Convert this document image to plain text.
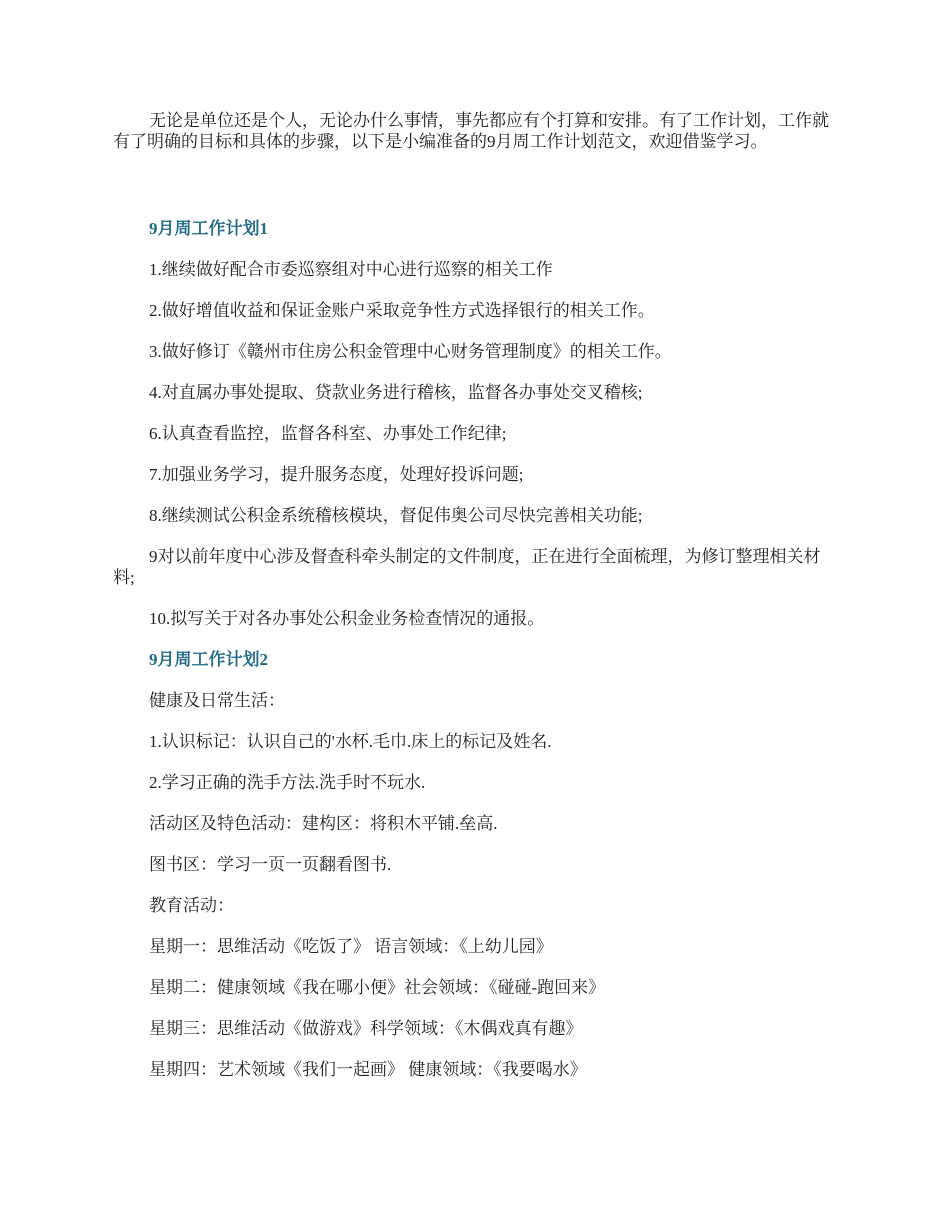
无论是单位还是个人，无论办什么事情，事先都应有个打算和安排。有了工作计划，工作就有了明确的目标和具体的步骤，以下是小编准备的9月周工作计划范文，欢迎借鉴学习。

9月周工作计划1

1.继续做好配合市委巡察组对中心进行巡察的相关工作

2.做好增值收益和保证金账户采取竞争性方式选择银行的相关工作。

3.做好修订《赣州市住房公积金管理中心财务管理制度》的相关工作。

4.对直属办事处提取、贷款业务进行稽核，监督各办事处交叉稽核;

6.认真查看监控，监督各科室、办事处工作纪律;

7.加强业务学习，提升服务态度，处理好投诉问题;

8.继续测试公积金系统稽核模块，督促伟奥公司尽快完善相关功能;

9对以前年度中心涉及督查科牵头制定的文件制度，正在进行全面梳理，为修订整理相关材料;

10.拟写关于对各办事处公积金业务检查情况的通报。

9月周工作计划2

健康及日常生活：

1.认识标记：认识自己的'水杯.毛巾.床上的标记及姓名.

2.学习正确的洗手方法.洗手时不玩水.

活动区及特色活动：建构区：将积木平铺.垒高.

图书区：学习一页一页翻看图书.

教育活动：

星期一：思维活动《吃饭了》 语言领域：《上幼儿园》

星期二：健康领域《我在哪小便》社会领域：《碰碰-跑回来》

星期三：思维活动《做游戏》科学领域：《木偶戏真有趣》

星期四：艺术领域《我们一起画》 健康领域：《我要喝水》
